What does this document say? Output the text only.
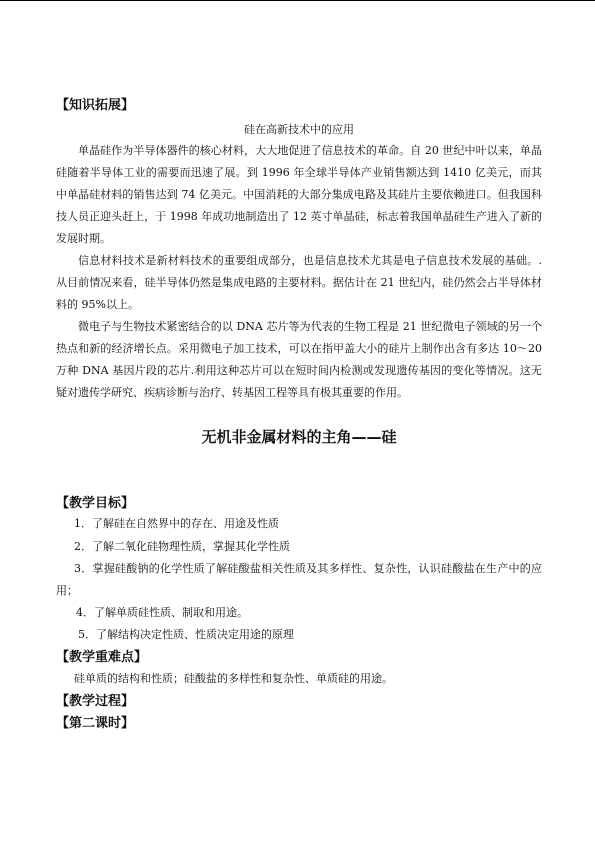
【知识拓展】
硅在高新技术中的应用

单晶硅作为半导体器件的核心材料，大大地促进了信息技术的革命。自 20 世纪中叶以来，单晶硅随着半导体工业的需要而迅速了展。到 1996 年全球半导体产业销售额达到 1410 亿美元，而其中单晶硅材料的销售达到 74 亿美元。中国消耗的大部分集成电路及其硅片主要依赖进口。但我国科技人员正迎头赶上，于 1998 年成功地制造出了 12 英寸单晶硅，标志着我国单晶硅生产进入了新的发展时期。

信息材料技术是新材料技术的重要组成部分，也是信息技术尤其是电子信息技术发展的基础。.从目前情况来看，硅半导体仍然是集成电路的主要材料。据估计在 21 世纪内，硅仍然会占半导体材料的 95%以上。

微电子与生物技术紧密结合的以 DNA 芯片等为代表的生物工程是 21 世纪微电子领域的另一个热点和新的经济增长点。采用微电子加工技术，可以在指甲盖大小的硅片上制作出含有多达 10～20 万种 DNA 基因片段的芯片.利用这种芯片可以在短时间内检测或发现遗传基因的变化等情况。这无疑对遗传学研究、疾病诊断与治疗、转基因工程等具有极其重要的作用。

无机非金属材料的主角——硅
【教学目标】
1．了解硅在自然界中的存在、用途及性质
2．了解二氧化硅物理性质，掌握其化学性质
3．掌握硅酸钠的化学性质了解硅酸盐相关性质及其多样性、复杂性，认识硅酸盐在生产中的应用；
4．了解单质硅性质、制取和用途。
5．了解结构决定性质、性质决定用途的原理
【教学重难点】
硅单质的结构和性质；硅酸盐的多样性和复杂性、单质硅的用途。
【教学过程】
【第二课时】
